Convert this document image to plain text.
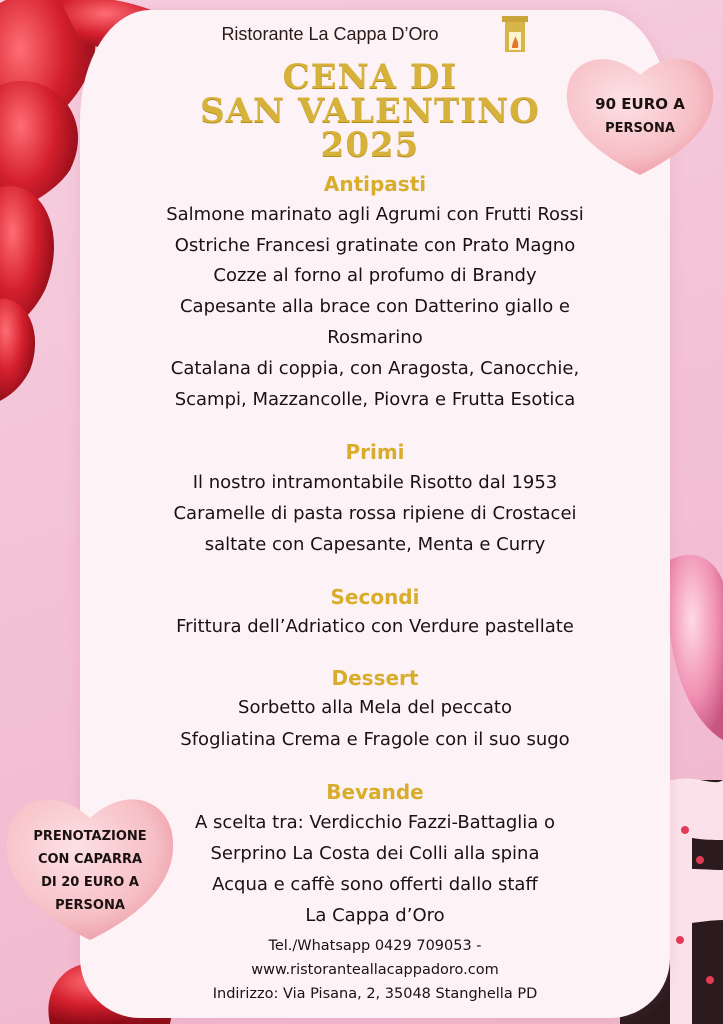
Ristorante La Cappa D’Oro
CENA DI
SAN VALENTINO
2025
90 EURO A
PERSONA
PRENOTAZIONE
CON CAPARRA
DI 20 EURO A
PERSONA
Antipasti
Salmone marinato agli Agrumi con Frutti Rossi
Ostriche Francesi gratinate con Prato Magno
Cozze al forno al profumo di Brandy
Capesante alla brace con Datterino giallo e
Rosmarino
Catalana di coppia, con Aragosta, Canocchie,
Scampi, Mazzancolle, Piovra e Frutta Esotica
Primi
Il nostro intramontabile Risotto dal 1953
Caramelle di pasta rossa ripiene di Crostacei
saltate con Capesante, Menta e Curry
Secondi
Frittura dell’Adriatico con Verdure pastellate
Dessert
Sorbetto alla Mela del peccato
Sfogliatina Crema e Fragole con il suo sugo
Bevande
A scelta tra: Verdicchio Fazzi-Battaglia o
Serprino La Costa dei Colli alla spina
Acqua e caffè sono offerti dallo staff
La Cappa d’Oro
Tel./Whatsapp 0429 709053 -
www.ristoranteallacappadoro.com
Indirizzo: Via Pisana, 2, 35048 Stanghella PD
